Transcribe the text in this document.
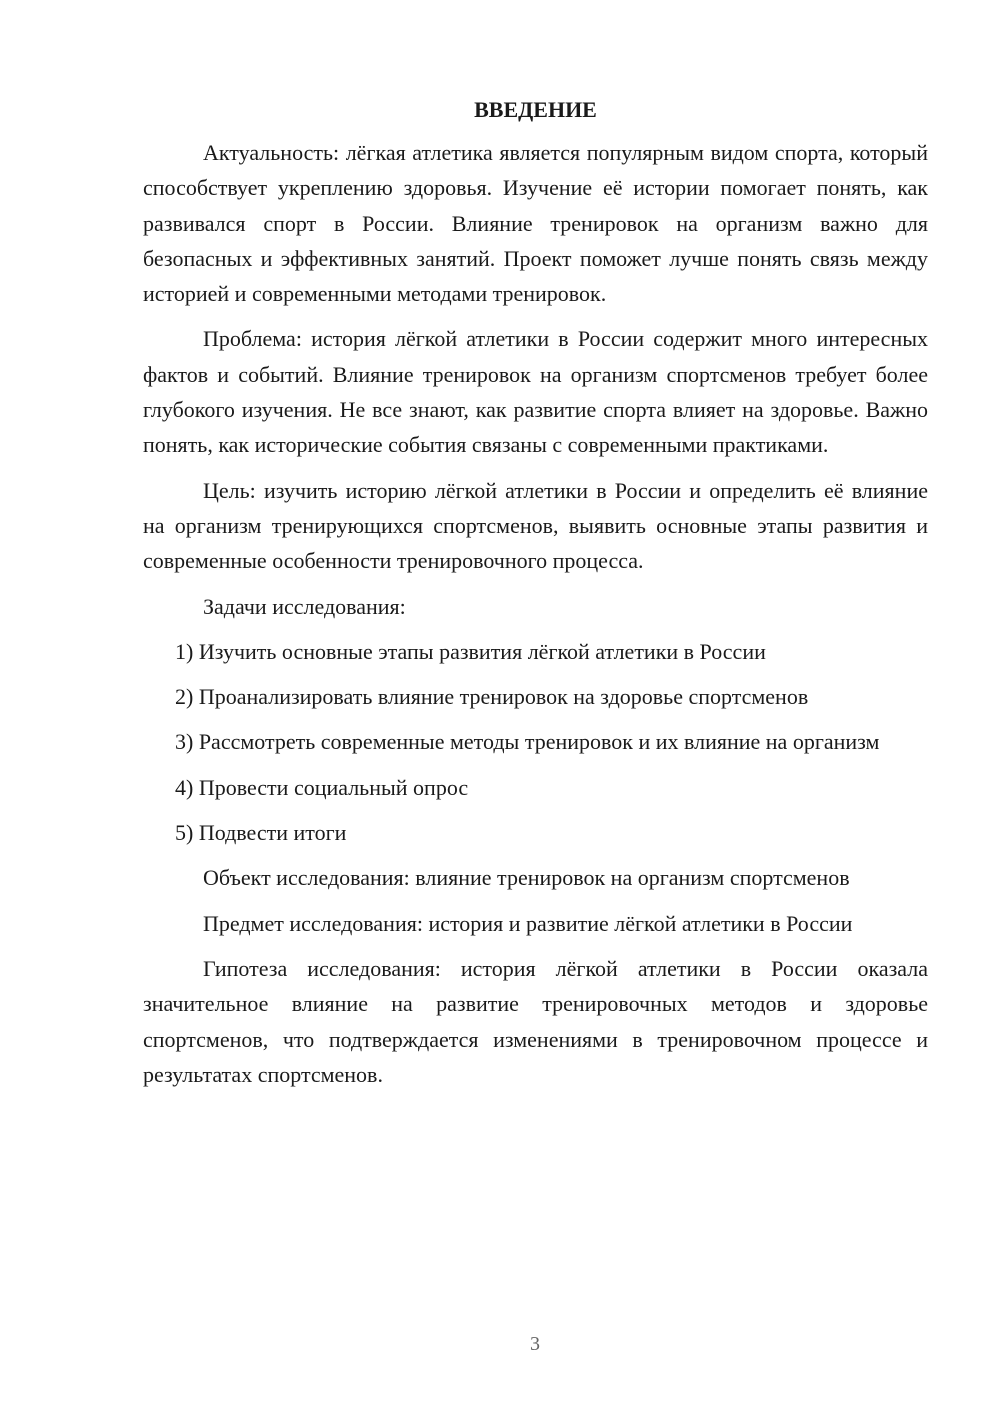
ВВЕДЕНИЕ

Актуальность: лёгкая атлетика является популярным видом спорта, который способствует укреплению здоровья. Изучение её истории помогает понять, как развивался спорт в России. Влияние тренировок на организм важно для безопасных и эффективных занятий. Проект поможет лучше понять связь между историей и современными методами тренировок.

Проблема: история лёгкой атлетики в России содержит много интересных фактов и событий. Влияние тренировок на организм спортсменов требует более глубокого изучения. Не все знают, как развитие спорта влияет на здоровье. Важно понять, как исторические события связаны с современными практиками.

Цель: изучить историю лёгкой атлетики в России и определить её влияние на организм тренирующихся спортсменов, выявить основные этапы развития и современные особенности тренировочного процесса.

Задачи исследования:

1) Изучить основные этапы развития лёгкой атлетики в России

2) Проанализировать влияние тренировок на здоровье спортсменов

3) Рассмотреть современные методы тренировок и их влияние на организм

4) Провести социальный опрос

5) Подвести итоги

Объект исследования: влияние тренировок на организм спортсменов

Предмет исследования: история и развитие лёгкой атлетики в России

Гипотеза исследования: история лёгкой атлетики в России оказала значительное влияние на развитие тренировочных методов и здоровье спортсменов, что подтверждается изменениями в тренировочном процессе и результатах спортсменов.

3
